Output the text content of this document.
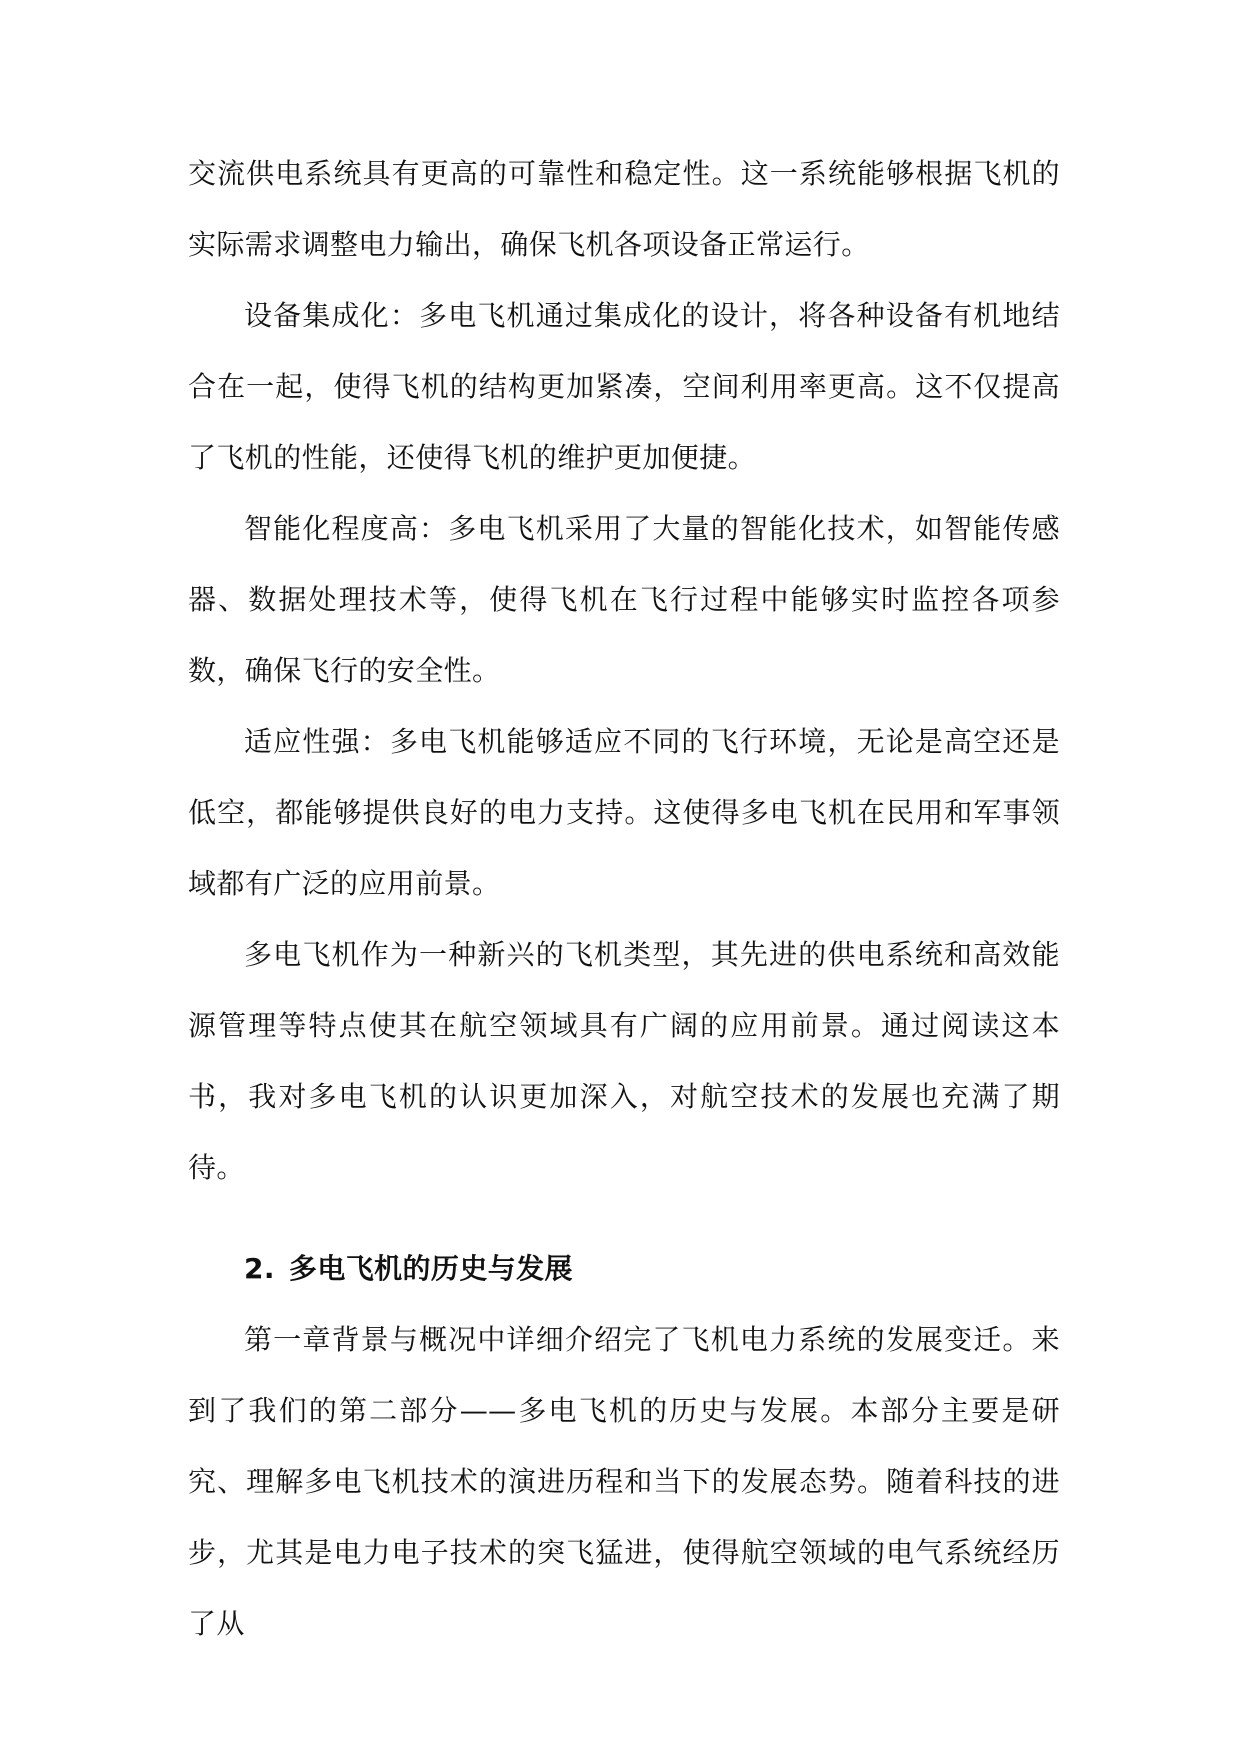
交流供电系统具有更高的可靠性和稳定性。这一系统能够根据飞机的实际需求调整电力输出，确保飞机各项设备正常运行。

设备集成化：多电飞机通过集成化的设计，将各种设备有机地结合在一起，使得飞机的结构更加紧凑，空间利用率更高。这不仅提高了飞机的性能，还使得飞机的维护更加便捷。

智能化程度高：多电飞机采用了大量的智能化技术，如智能传感器、数据处理技术等，使得飞机在飞行过程中能够实时监控各项参数，确保飞行的安全性。

适应性强：多电飞机能够适应不同的飞行环境，无论是高空还是低空，都能够提供良好的电力支持。这使得多电飞机在民用和军事领域都有广泛的应用前景。

多电飞机作为一种新兴的飞机类型，其先进的供电系统和高效能源管理等特点使其在航空领域具有广阔的应用前景。通过阅读这本书，我对多电飞机的认识更加深入，对航空技术的发展也充满了期待。

2. 多电飞机的历史与发展

第一章背景与概况中详细介绍完了飞机电力系统的发展变迁。来到了我们的第二部分——多电飞机的历史与发展。本部分主要是研究、理解多电飞机技术的演进历程和当下的发展态势。随着科技的进步，尤其是电力电子技术的突飞猛进，使得航空领域的电气系统经历了从
